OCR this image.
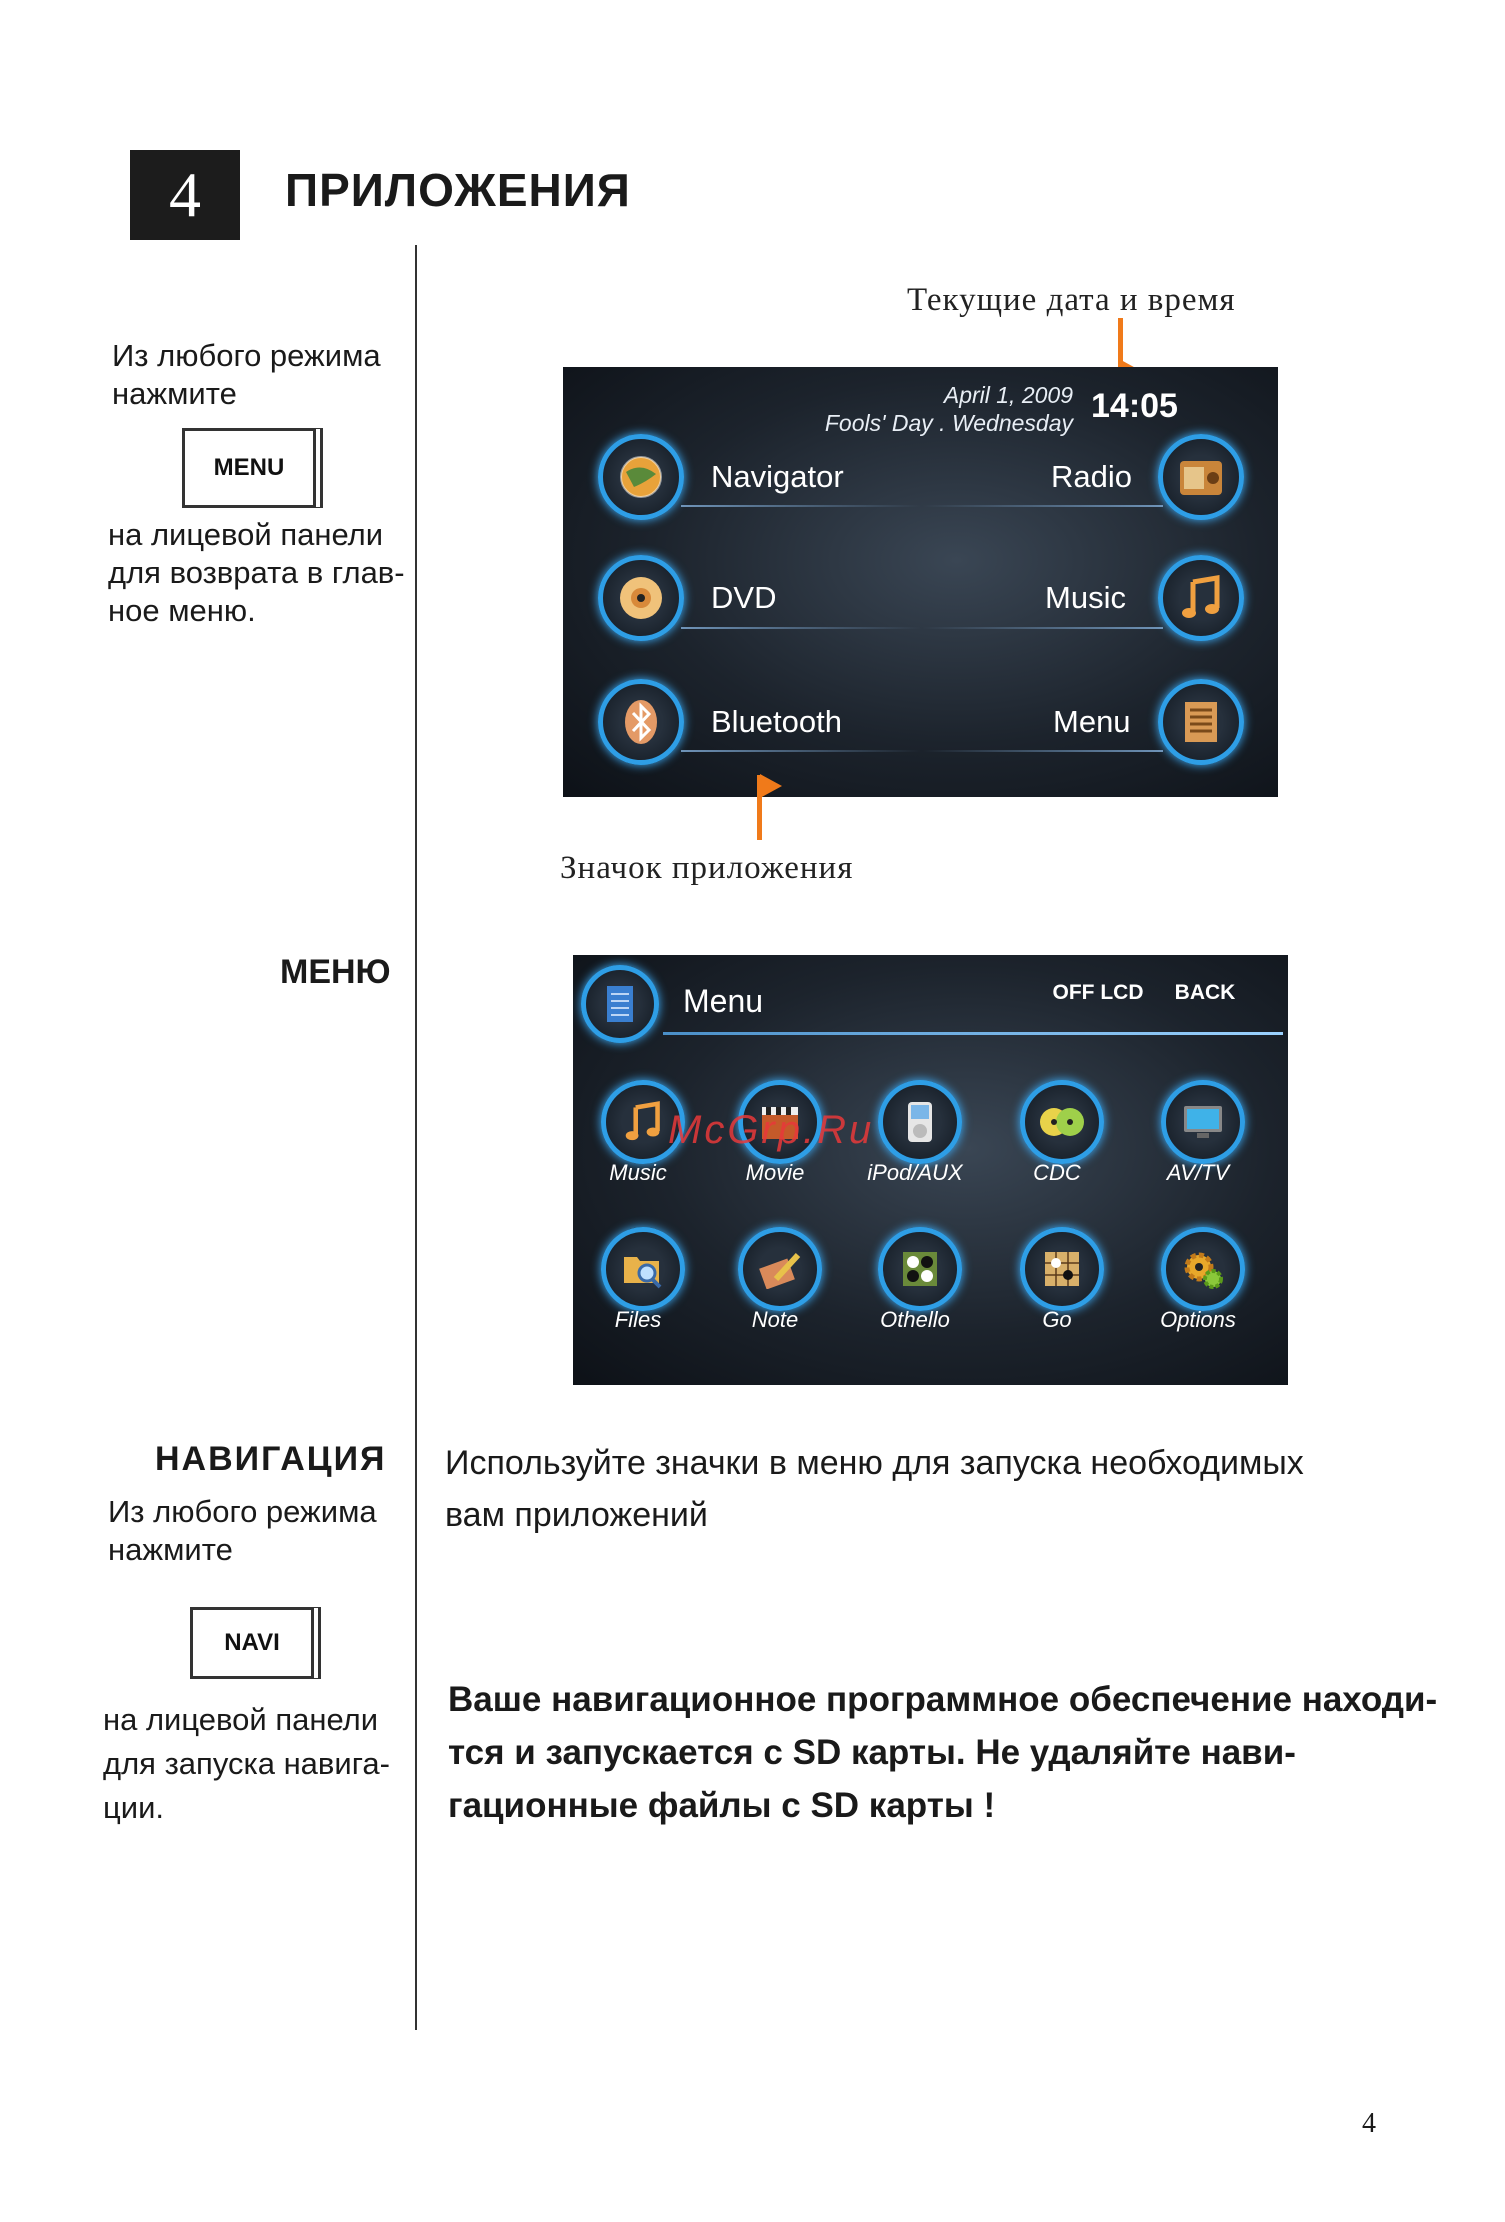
4 ПРИЛОЖЕНИЯ
Из любого режима
нажмите
MENU
на лицевой панели
для возврата в глав-
ное меню.
МЕНЮ
НАВИГАЦИЯ
Из любого режима
нажмите
NAVI
на лицевой панели
для запуска навига-
ции.
Текущие дата и время
April 1, 2009
Fools' Day . Wednesday 14:05
Navigator	Radio
DVD	Music
Bluetooth	Menu
Значок приложения
Menu	OFF LCD	BACK
Music	Movie	iPod/AUX	CDC	AV/TV
Files	Note	Othello	Go	Options
McGrp.Ru
Используйте значки в меню для запуска необходимых
вам приложений
Ваше навигационное программное обеспечение находи-
тся и запускается с SD карты. Не удаляйте нави-
гационные файлы с SD карты !
4
